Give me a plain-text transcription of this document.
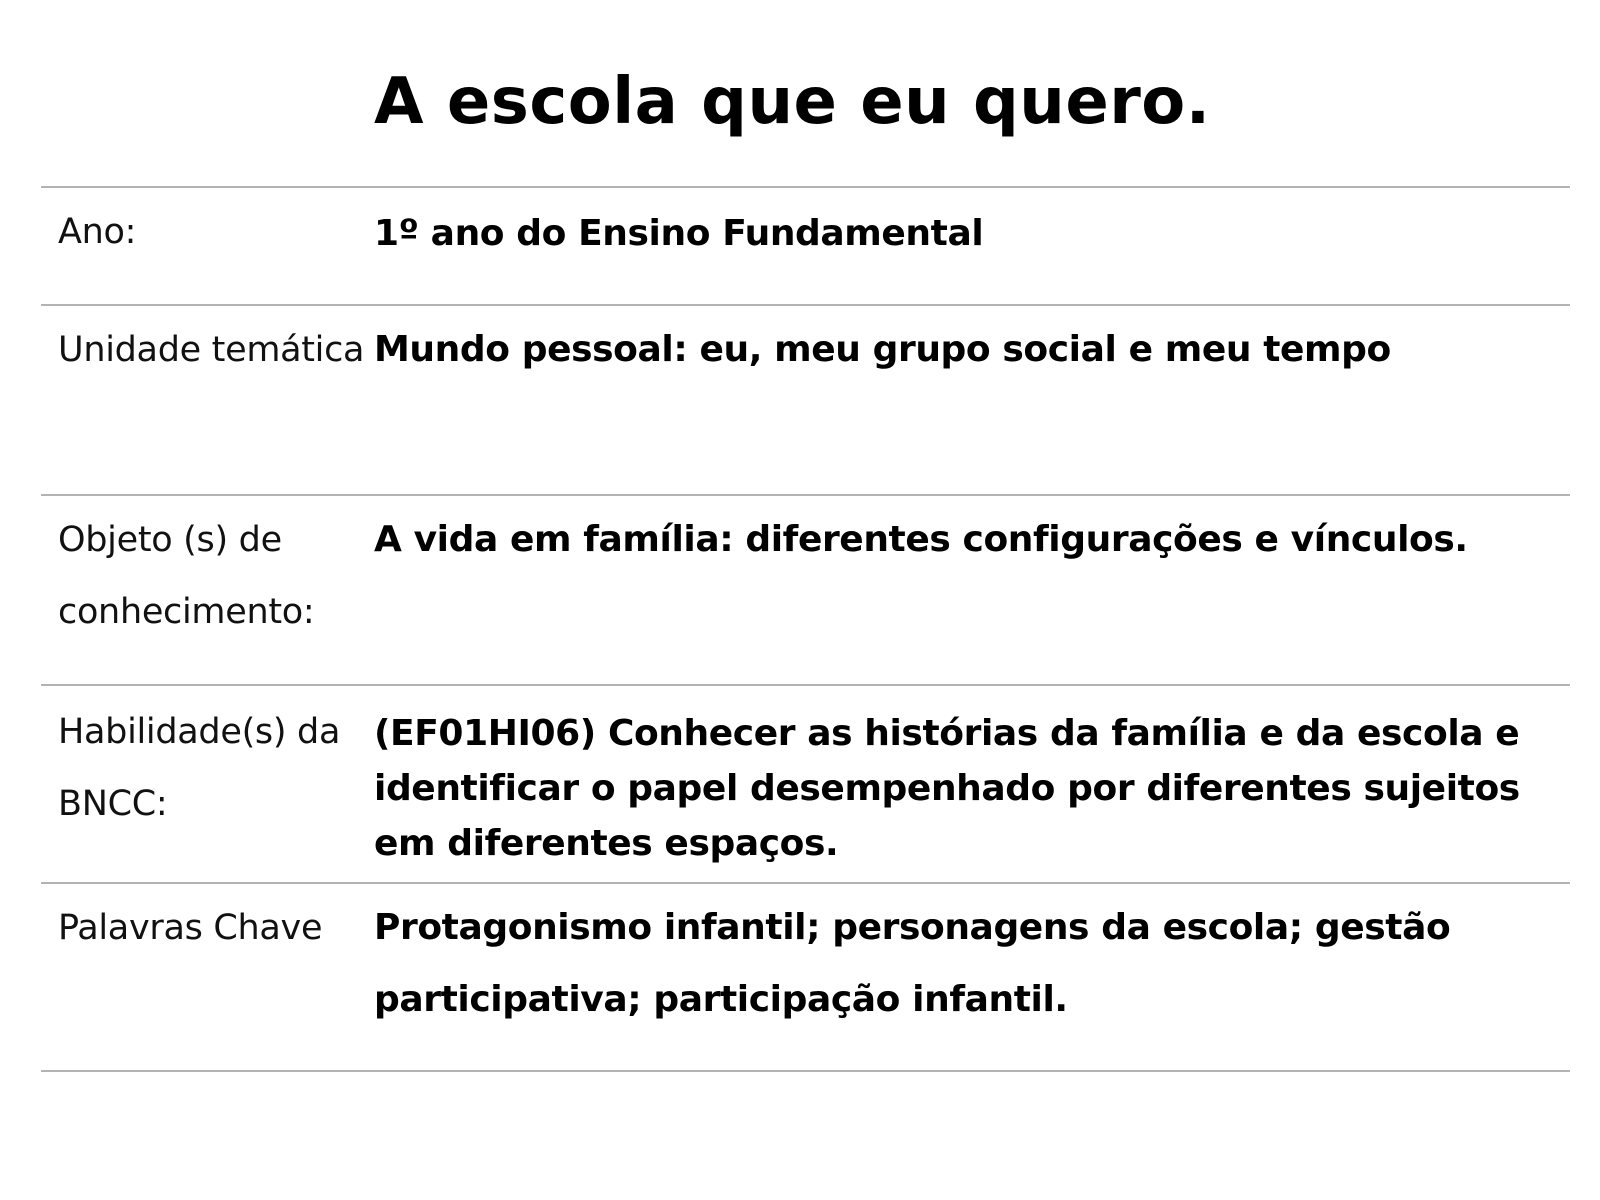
A escola que eu quero.
Ano:	1º ano do Ensino Fundamental
Unidade temática Mundo pessoal: eu, meu grupo social e meu tempo
Objeto (s) de conhecimento:
A vida em família: diferentes configurações e vínculos.
Habilidade(s) da BNCC:
(EF01HI06) Conhecer as histórias da família e da escola e identificar o papel desempenhado por diferentes sujeitos em diferentes espaços.
Palavras Chave	Protagonismo infantil; personagens da escola; gestão participativa; participação infantil.
